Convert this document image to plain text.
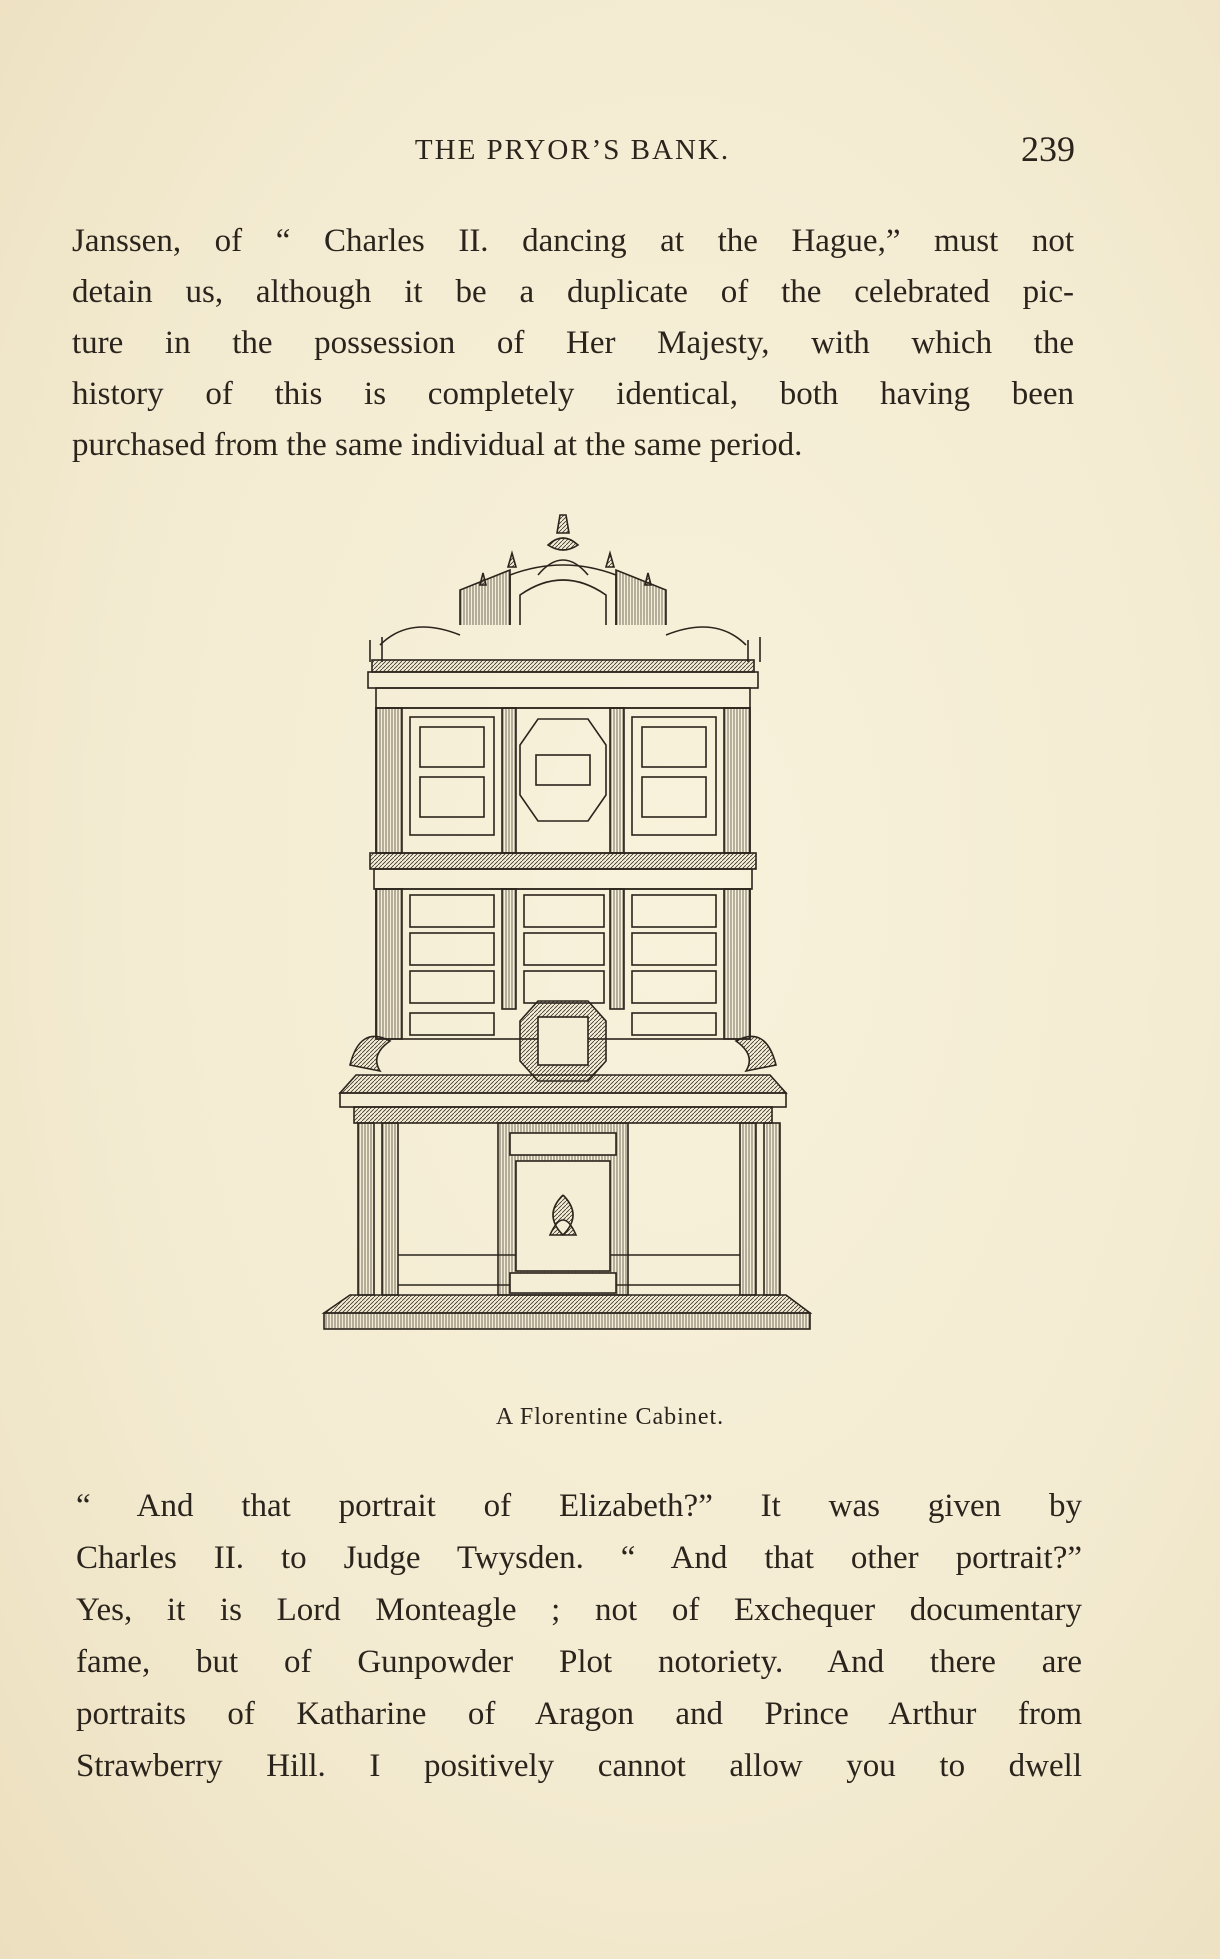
THE PRYOR’S BANK.	239

Janssen, of “ Charles II. dancing at the Hague,” must not
detain us, although it be a duplicate of the celebrated pic-
ture in the possession of Her Majesty, with which the
history of this is completely identical, both having been
purchased from the same individual at the same period.

A Florentine Cabinet.

“ And that portrait of Elizabeth?” It was given by
Charles II. to Judge Twysden. “ And that other portrait?”
Yes, it is Lord Monteagle ; not of Exchequer documentary
fame, but of Gunpowder Plot notoriety. And there are
portraits of Katharine of Aragon and Prince Arthur from
Strawberry Hill. I positively cannot allow you to dwell
